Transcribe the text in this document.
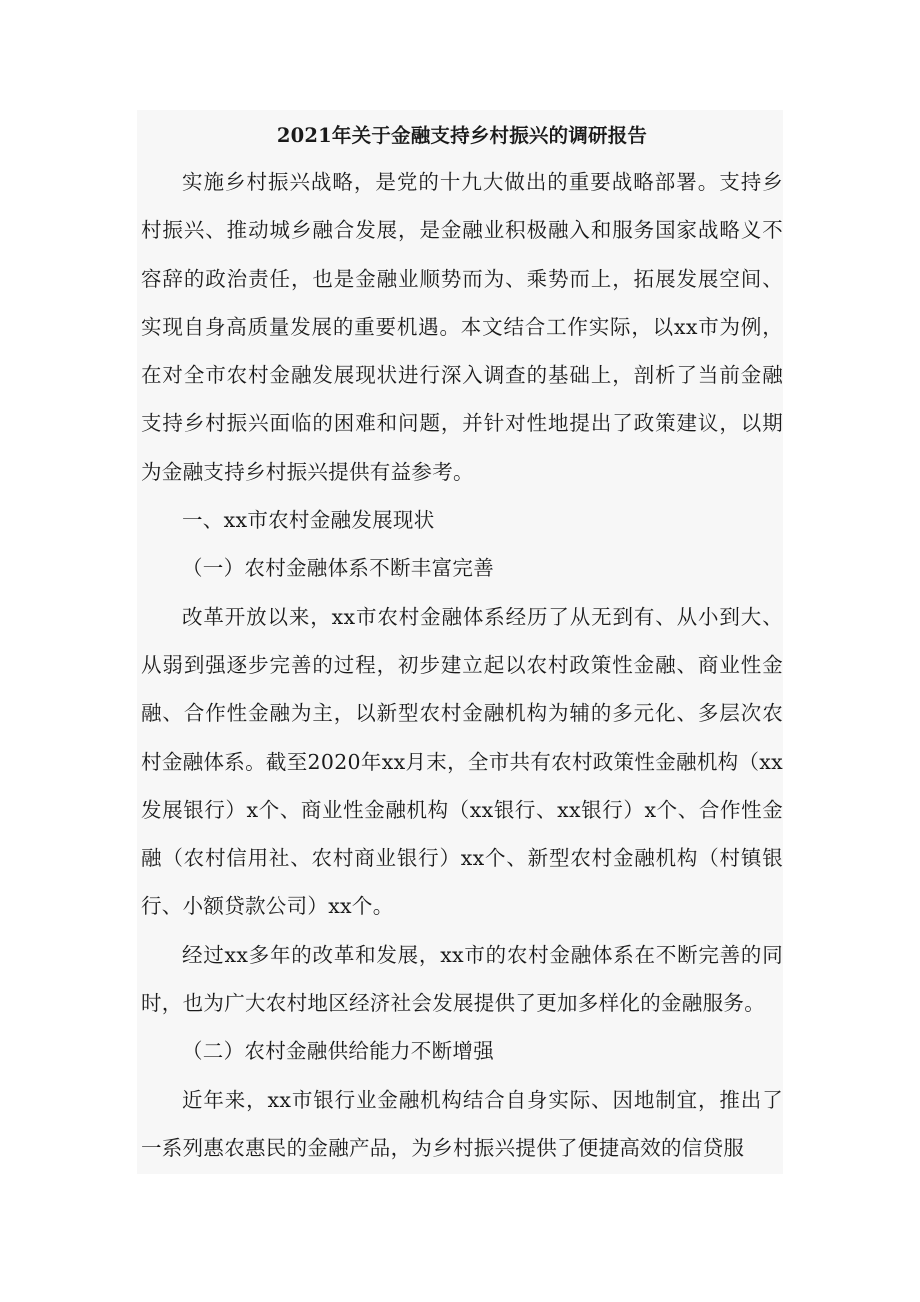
2021年关于金融支持乡村振兴的调研报告

实施乡村振兴战略，是党的十九大做出的重要战略部署。支持乡村振兴、推动城乡融合发展，是金融业积极融入和服务国家战略义不容辞的政治责任，也是金融业顺势而为、乘势而上，拓展发展空间、实现自身高质量发展的重要机遇。本文结合工作实际，以xx市为例，在对全市农村金融发展现状进行深入调查的基础上，剖析了当前金融支持乡村振兴面临的困难和问题，并针对性地提出了政策建议，以期为金融支持乡村振兴提供有益参考。

一、xx市农村金融发展现状

（一）农村金融体系不断丰富完善

改革开放以来，xx市农村金融体系经历了从无到有、从小到大、从弱到强逐步完善的过程，初步建立起以农村政策性金融、商业性金融、合作性金融为主，以新型农村金融机构为辅的多元化、多层次农村金融体系。截至2020年xx月末，全市共有农村政策性金融机构（xx发展银行）x个、商业性金融机构（xx银行、xx银行）x个、合作性金融（农村信用社、农村商业银行）xx个、新型农村金融机构（村镇银行、小额贷款公司）xx个。

经过xx多年的改革和发展，xx市的农村金融体系在不断完善的同时，也为广大农村地区经济社会发展提供了更加多样化的金融服务。

（二）农村金融供给能力不断增强

近年来，xx市银行业金融机构结合自身实际、因地制宜，推出了一系列惠农惠民的金融产品，为乡村振兴提供了便捷高效的信贷服
